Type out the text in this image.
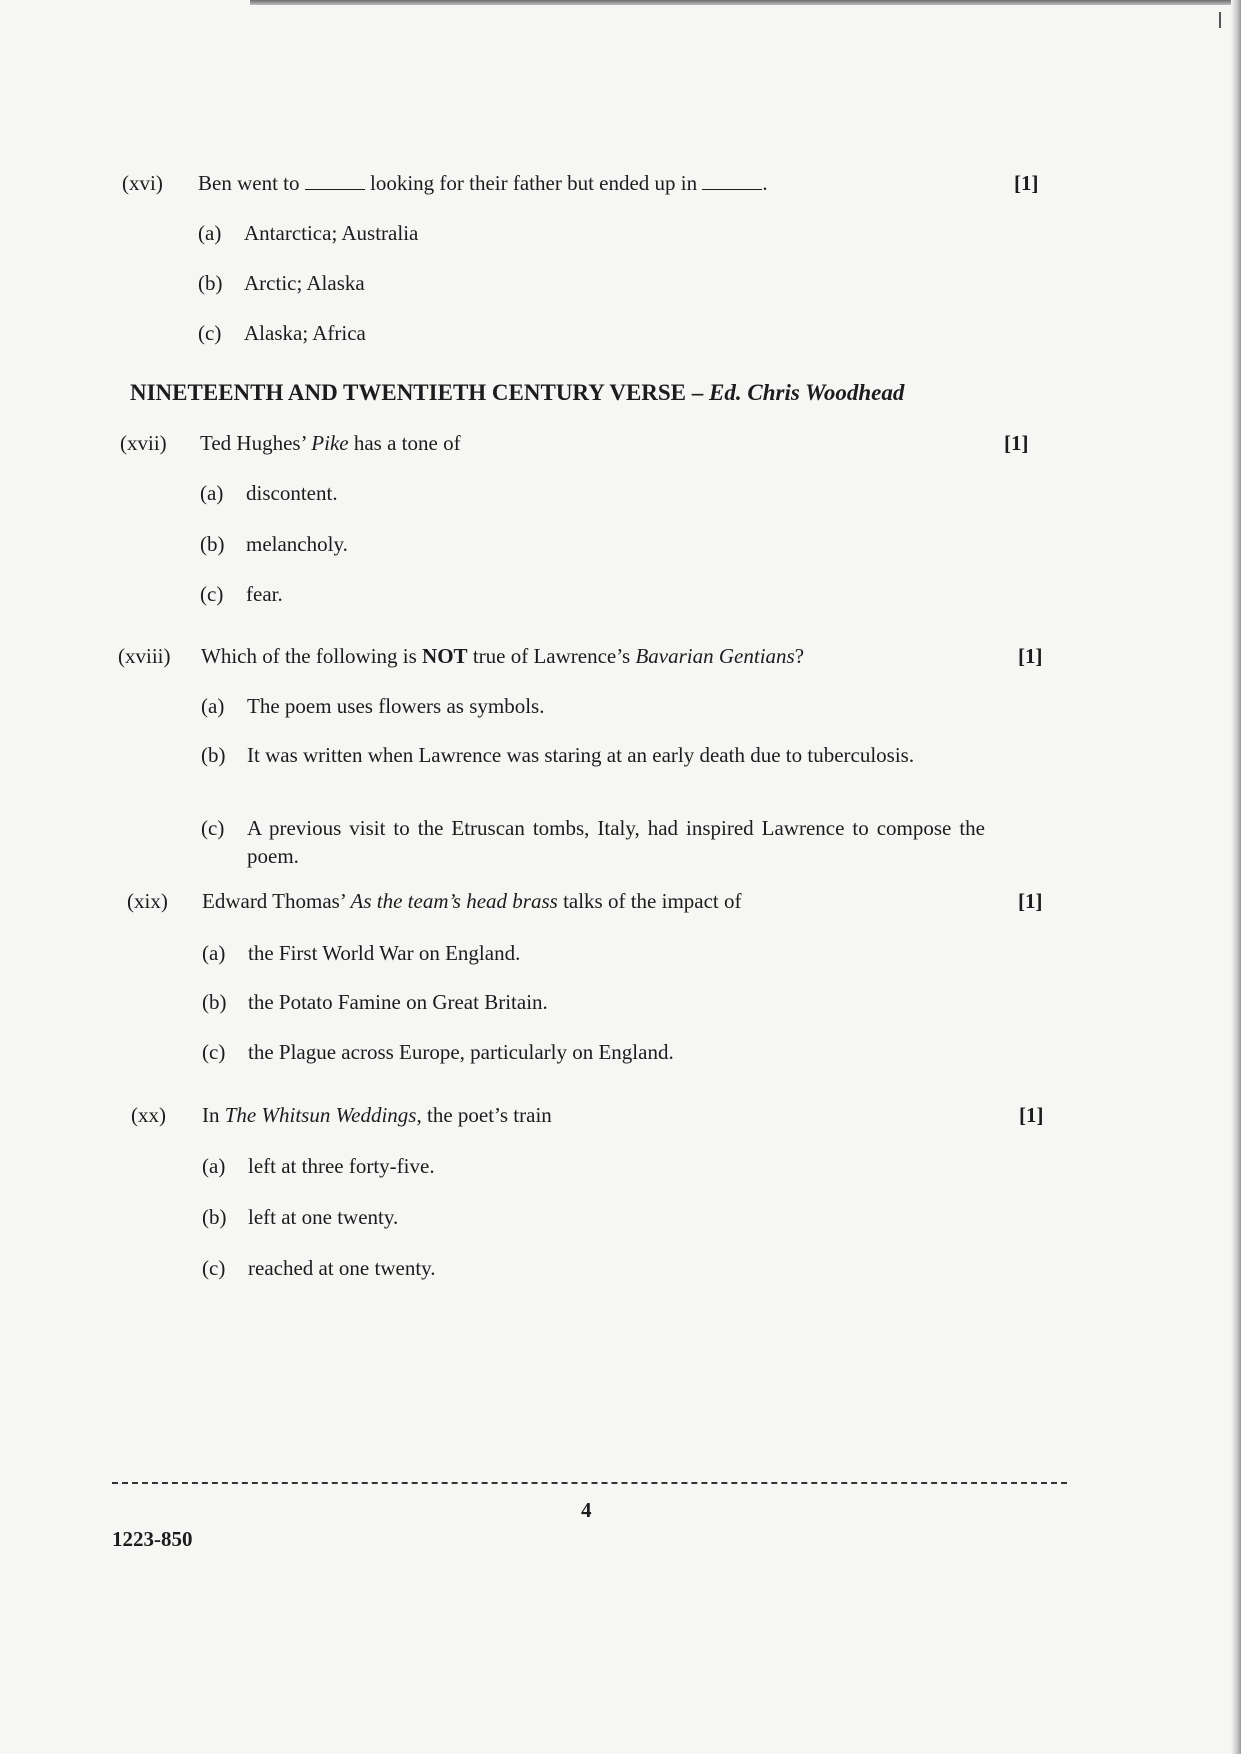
(xvi) Ben went to	looking for their father but ended up in	.	[1]
(a) Antarctica; Australia
(b) Arctic; Alaska
(c) Alaska; Africa
NINETEENTH AND TWENTIETH CENTURY VERSE – Ed. Chris Woodhead
(xvii) Ted Hughes’ Pike has a tone of	[1]
(a) discontent.
(b) melancholy.
(c) fear.
(xviii) Which of the following is NOT true of Lawrence’s Bavarian Gentians?	[1]
(a) The poem uses flowers as symbols.
(b) It was written when Lawrence was staring at an early death due to tuberculosis.
(c) A previous visit to the Etruscan tombs, Italy, had inspired Lawrence to compose the poem.
(xix) Edward Thomas’ As the team’s head brass talks of the impact of	[1]
(a) the First World War on England.
(b) the Potato Famine on Great Britain.
(c) the Plague across Europe, particularly on England.
(xx) In The Whitsun Weddings, the poet’s train	[1]
(a) left at three forty-five.
(b) left at one twenty.
(c) reached at one twenty.
4
1223-850
